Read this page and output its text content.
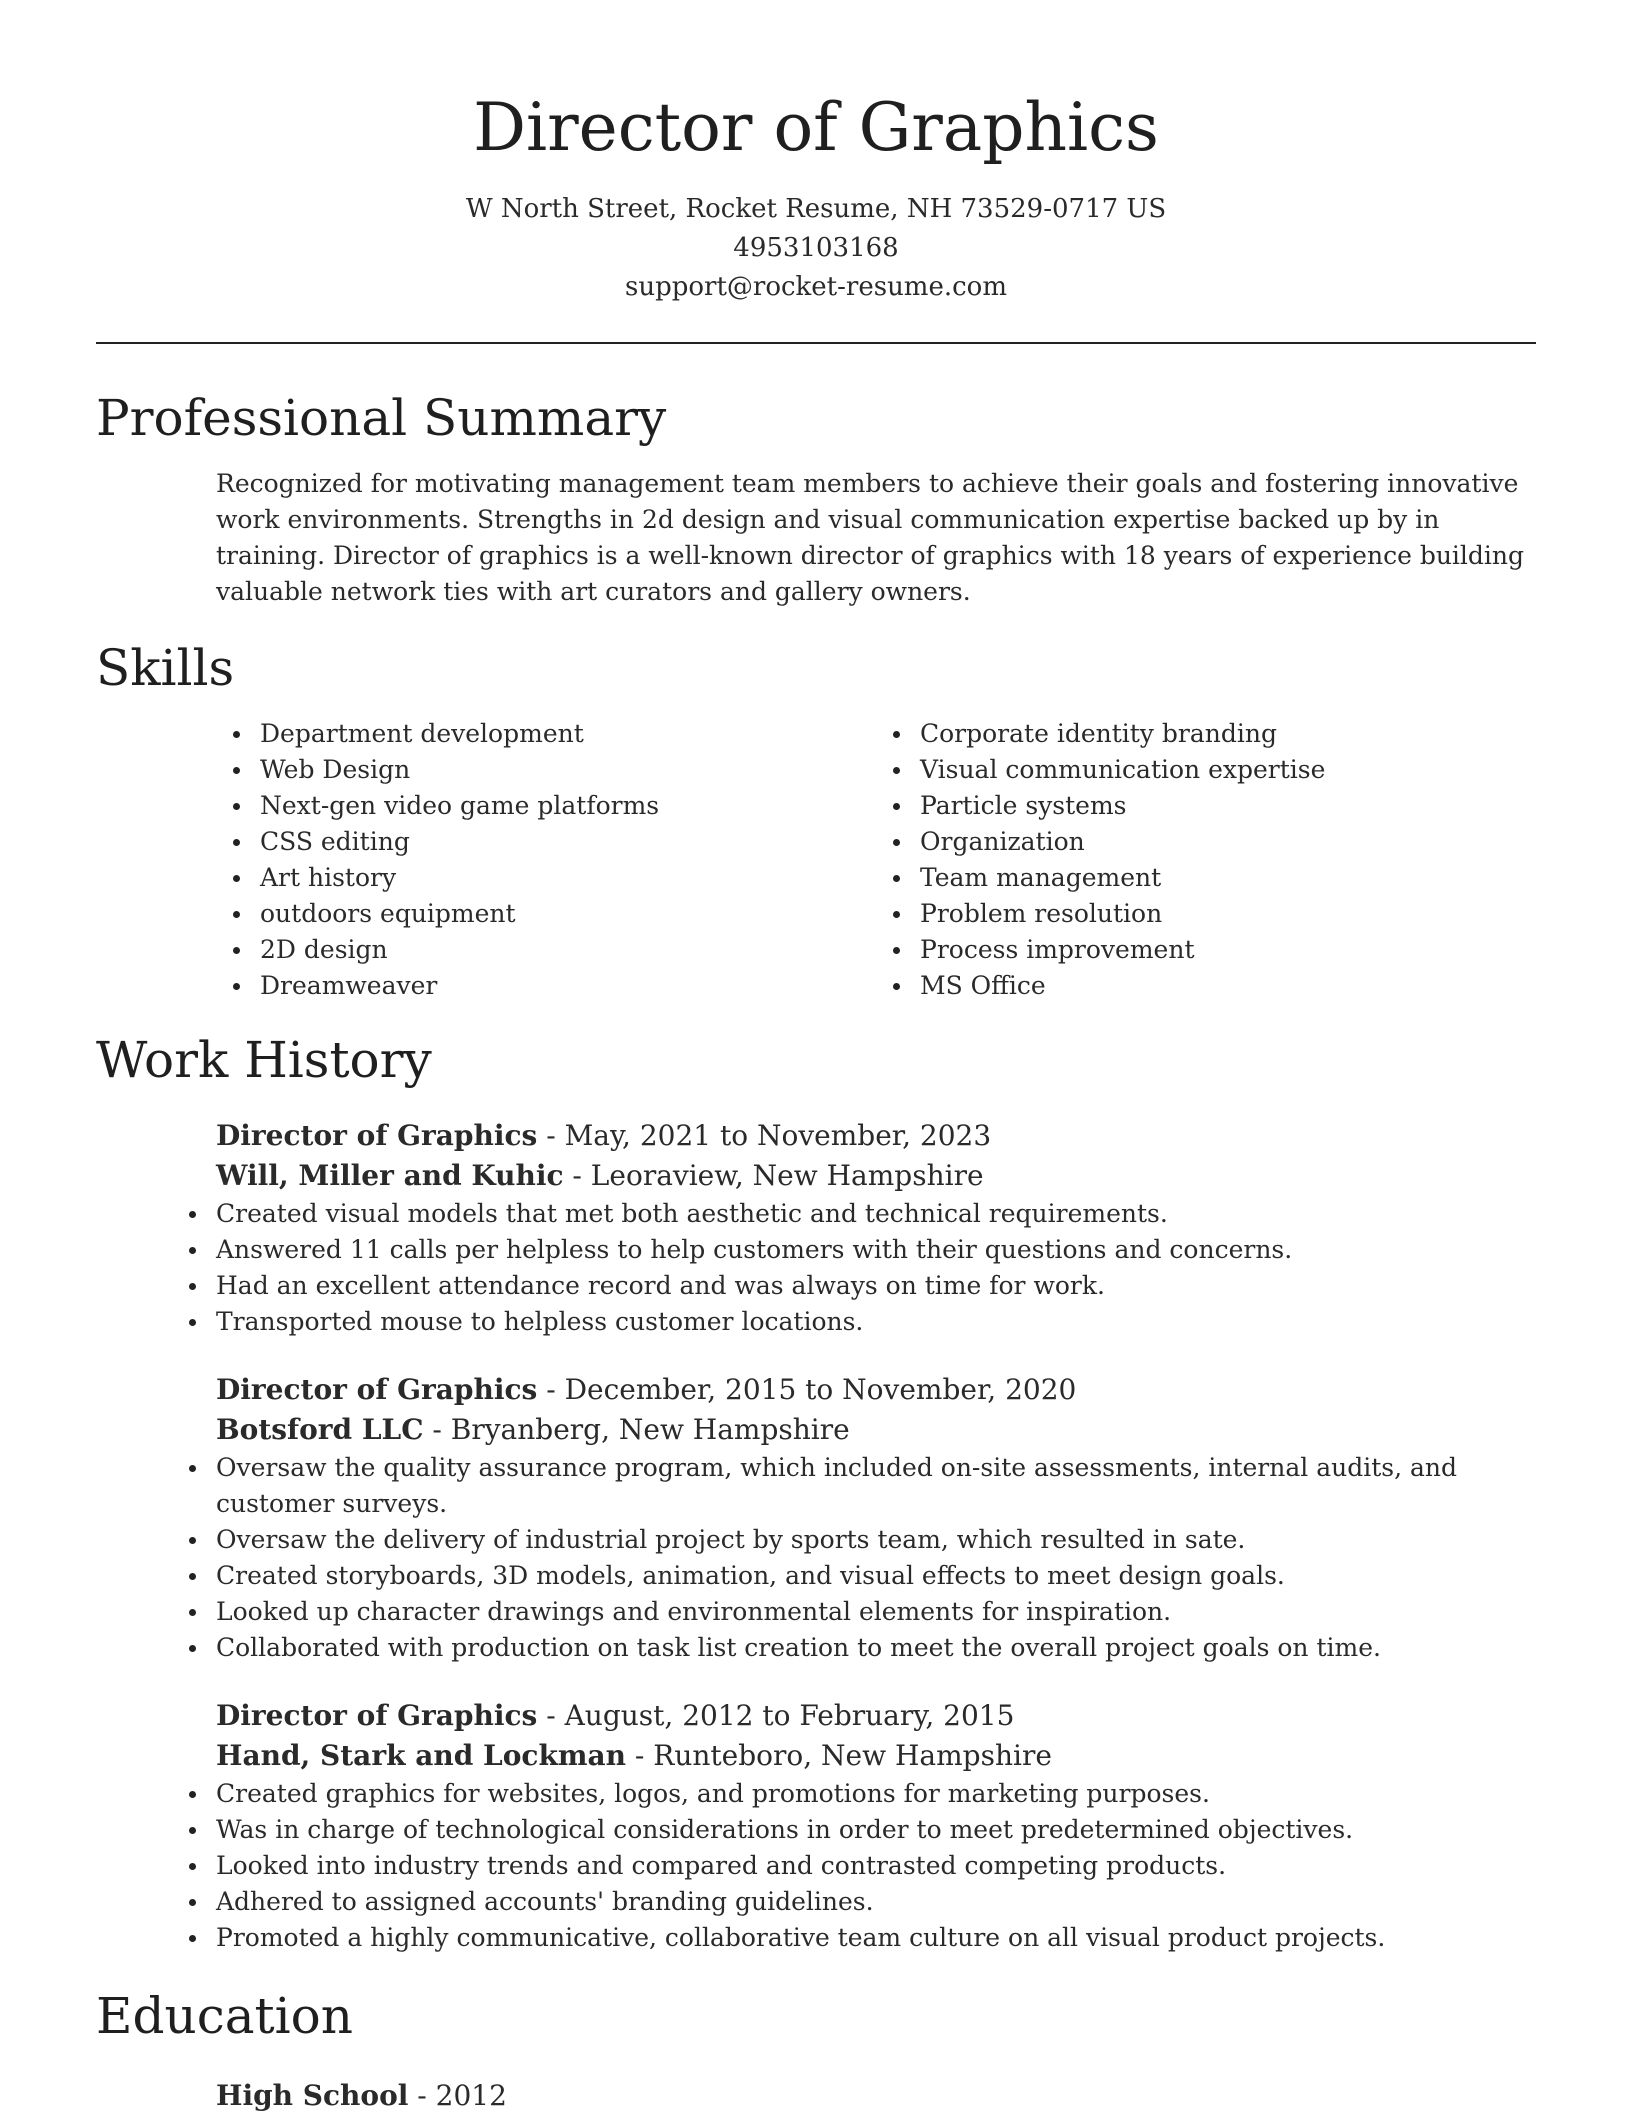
Director of Graphics
W North Street, Rocket Resume, NH 73529-0717 US
4953103168
support@rocket-resume.com
Professional Summary

Recognized for motivating management team members to achieve their goals and fostering innovative work environments. Strengths in 2d design and visual communication expertise backed up by in training. Director of graphics is a well-known director of graphics with 18 years of experience building valuable network ties with art curators and gallery owners.

Skills
Department development
Web Design
Next-gen video game platforms
CSS editing
Art history
outdoors equipment
2D design
Dreamweaver
Corporate identity branding
Visual communication expertise
Particle systems
Organization
Team management
Problem resolution
Process improvement
MS Office
Work History
Director of Graphics - May, 2021 to November, 2023
Will, Miller and Kuhic - Leoraview, New Hampshire
Created visual models that met both aesthetic and technical requirements.
Answered 11 calls per helpless to help customers with their questions and concerns.
Had an excellent attendance record and was always on time for work.
Transported mouse to helpless customer locations.
Director of Graphics - December, 2015 to November, 2020
Botsford LLC - Bryanberg, New Hampshire
Oversaw the quality assurance program, which included on-site assessments, internal audits, and customer surveys.
Oversaw the delivery of industrial project by sports team, which resulted in sate.
Created storyboards, 3D models, animation, and visual effects to meet design goals.
Looked up character drawings and environmental elements for inspiration.
Collaborated with production on task list creation to meet the overall project goals on time.
Director of Graphics - August, 2012 to February, 2015
Hand, Stark and Lockman - Runteboro, New Hampshire
Created graphics for websites, logos, and promotions for marketing purposes.
Was in charge of technological considerations in order to meet predetermined objectives.
Looked into industry trends and compared and contrasted competing products.
Adhered to assigned accounts' branding guidelines.
Promoted a highly communicative, collaborative team culture on all visual product projects.
Education
High School - 2012
